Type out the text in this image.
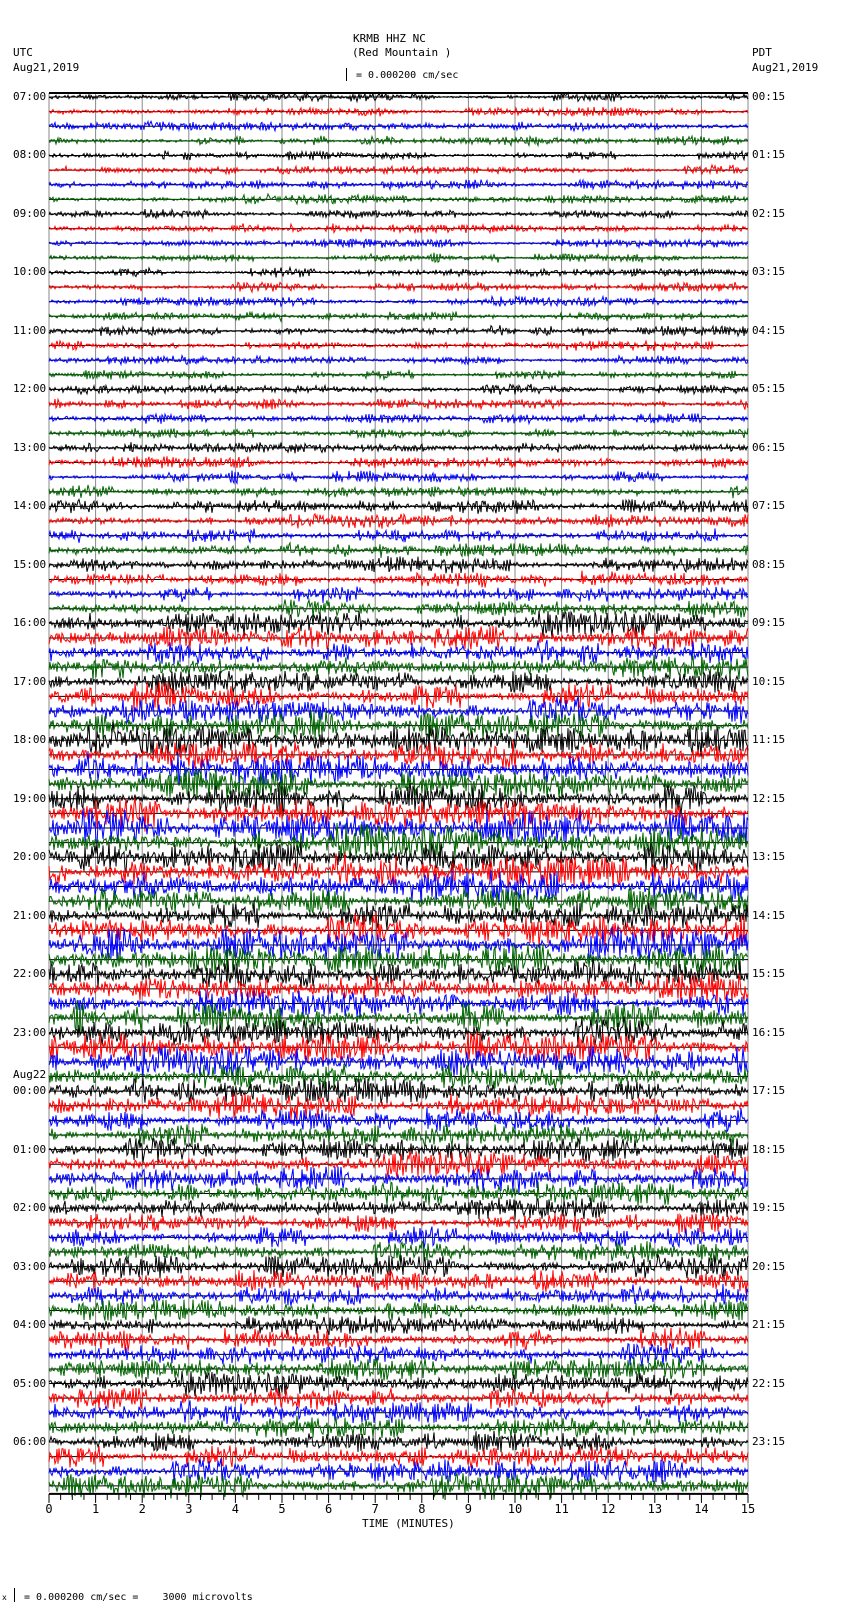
KRMB HHZ NC
(Red Mountain )
UTC
Aug21,2019
PDT
Aug21,2019
= 0.000200 cm/sec
TIME (MINUTES)
x = 0.000200 cm/sec =    3000 microvolts
Aug22
0	1	2	3	4	5	6	7	8	9	10	11	12	13	14	15
07:00	00:15
08:00	01:15
09:00	02:15
10:00	03:15
11:00	04:15
12:00	05:15
13:00	06:15
14:00	07:15
15:00	08:15
16:00	09:15
17:00	10:15
18:00	11:15
19:00	12:15
20:00	13:15
21:00	14:15
22:00	15:15
23:00	16:15
00:00	17:15
01:00	18:15
02:00	19:15
03:00	20:15
04:00	21:15
05:00	22:15
06:00	23:15
